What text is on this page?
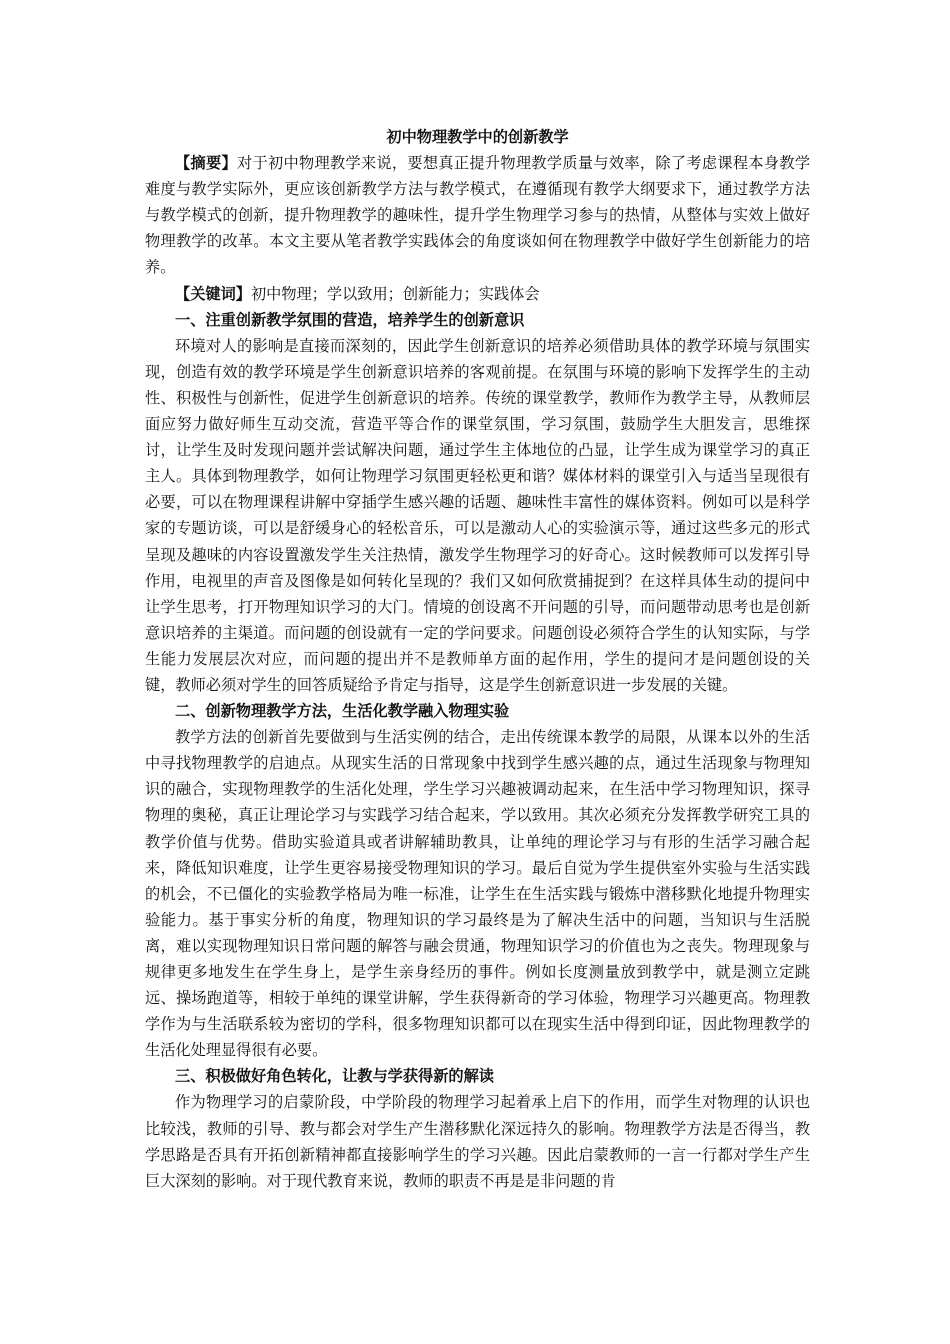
初中物理教学中的创新教学

【摘要】对于初中物理教学来说，要想真正提升物理教学质量与效率，除了考虑课程本身教学难度与教学实际外，更应该创新教学方法与教学模式，在遵循现有教学大纲要求下，通过教学方法与教学模式的创新，提升物理教学的趣味性，提升学生物理学习参与的热情，从整体与实效上做好物理教学的改革。本文主要从笔者教学实践体会的角度谈如何在物理教学中做好学生创新能力的培养。

【关键词】初中物理；学以致用；创新能力；实践体会

一、注重创新教学氛围的营造，培养学生的创新意识

环境对人的影响是直接而深刻的，因此学生创新意识的培养必须借助具体的教学环境与氛围实现，创造有效的教学环境是学生创新意识培养的客观前提。在氛围与环境的影响下发挥学生的主动性、积极性与创新性，促进学生创新意识的培养。传统的课堂教学，教师作为教学主导，从教师层面应努力做好师生互动交流，营造平等合作的课堂氛围，学习氛围，鼓励学生大胆发言，思维探讨，让学生及时发现问题并尝试解决问题，通过学生主体地位的凸显，让学生成为课堂学习的真正主人。具体到物理教学，如何让物理学习氛围更轻松更和谐？媒体材料的课堂引入与适当呈现很有必要，可以在物理课程讲解中穿插学生感兴趣的话题、趣味性丰富性的媒体资料。例如可以是科学家的专题访谈，可以是舒缓身心的轻松音乐，可以是激动人心的实验演示等，通过这些多元的形式呈现及趣味的内容设置激发学生关注热情，激发学生物理学习的好奇心。这时候教师可以发挥引导作用，电视里的声音及图像是如何转化呈现的？我们又如何欣赏捕捉到？在这样具体生动的提问中让学生思考，打开物理知识学习的大门。情境的创设离不开问题的引导，而问题带动思考也是创新意识培养的主渠道。而问题的创设就有一定的学问要求。问题创设必须符合学生的认知实际，与学生能力发展层次对应，而问题的提出并不是教师单方面的起作用，学生的提问才是问题创设的关键，教师必须对学生的回答质疑给予肯定与指导，这是学生创新意识进一步发展的关键。

二、创新物理教学方法，生活化教学融入物理实验

教学方法的创新首先要做到与生活实例的结合，走出传统课本教学的局限，从课本以外的生活中寻找物理教学的启迪点。从现实生活的日常现象中找到学生感兴趣的点，通过生活现象与物理知识的融合，实现物理教学的生活化处理，学生学习兴趣被调动起来，在生活中学习物理知识，探寻物理的奥秘，真正让理论学习与实践学习结合起来，学以致用。其次必须充分发挥教学研究工具的教学价值与优势。借助实验道具或者讲解辅助教具，让单纯的理论学习与有形的生活学习融合起来，降低知识难度，让学生更容易接受物理知识的学习。最后自觉为学生提供室外实验与生活实践的机会，不已僵化的实验教学格局为唯一标准，让学生在生活实践与锻炼中潜移默化地提升物理实验能力。基于事实分析的角度，物理知识的学习最终是为了解决生活中的问题，当知识与生活脱离，难以实现物理知识日常问题的解答与融会贯通，物理知识学习的价值也为之丧失。物理现象与规律更多地发生在学生身上，是学生亲身经历的事件。例如长度测量放到教学中，就是测立定跳远、操场跑道等，相较于单纯的课堂讲解，学生获得新奇的学习体验，物理学习兴趣更高。物理教学作为与生活联系较为密切的学科，很多物理知识都可以在现实生活中得到印证，因此物理教学的生活化处理显得很有必要。

三、积极做好角色转化，让教与学获得新的解读

作为物理学习的启蒙阶段，中学阶段的物理学习起着承上启下的作用，而学生对物理的认识也比较浅，教师的引导、教与都会对学生产生潜移默化深远持久的影响。物理教学方法是否得当，教学思路是否具有开拓创新精神都直接影响学生的学习兴趣。因此启蒙教师的一言一行都对学生产生巨大深刻的影响。对于现代教育来说，教师的职责不再是是非问题的肯
